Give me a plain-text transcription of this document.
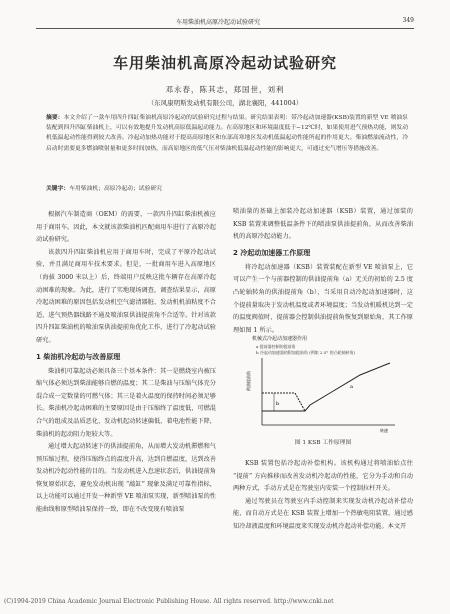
车用柴油机高原冷起动试验研究	349
车用柴油机高原冷起动试验研究
邓永春，陈其志，郑国世，刘利
（东风康明斯发动机有限公司，湖北襄阳，441004）
摘要：本文介绍了一款车用四升四缸柴油机高原冷起动的试验研究过程与结果。研究结果表明：带冷起动加速器(KSB)装置的新型 VE 喷油泵装配到四升四缸柴油机上，可以有效地提升发动机高原低温起动能力。在高原地区和环境温度低于−12℃时，如果使用进气预热功能，则发动机低温起动性能得到较大改善。冷起动加热功能对于提高高原地区和东部高寒地区发动机低温起动性能所起的作用更大。柴油燃油流动性，冷启动时需要更多燃油喷射量和更多时间加热，而高原地区的低气压对柴油机低温起动性能的影响更大，可通过充气增压等措施改善。
关键字：车用柴油机；高原冷起动；试验研究

根据汽车制造商（OEM）的需要，一款四升四缸柴油机被应用于商用车。因此，本文就该款柴油机匹配商用车进行了高原冷起动试验研究。

该款四升四缸柴油机应用于商用车时，完成了平原冷起动试验，并且满足商用车技术要求。但是，一批商用车进入高原地区（海拔 3000 米以上）后，终端用户反映这批车辆存在高原冷起动困难的现象。为此，进行了实地现场调查，调查结果显示，高原冷起动困难的原因包括发动机空气滤清器脏、发动机机油粘度不合适、进气预热器线路不通及喷油泵供油提前角不合适等。针对该款四升四缸柴油机的喷油泵供油提前角优化工作，进行了冷起动试验研究。

1 柴油机冷起动与改善原理

柴油机可靠起动必须具备三个基本条件：其一是燃烧室内被压缩气体必须达到柴油能够自燃的温度；其二是柴油与压缩气体充分混合成一定数量的可燃气体；其三是着火温度的保持时间必须足够长。柴油机冷起动困难的主要原因是由于压缩终了温度低，可燃混合气的组成及品质恶化，发动机起动转速偏低，着电池性能下降，柴油机的起动阻力矩较大等。

通过增大起动转速下的供油提前角，从而增大发动机滞燃和气预压缩过程，使得压缩终点的温度升高，达到自燃温度，达到改善发动机冷起动性能的目的。当发动机进入怠速状态后，供油提前角恢复原始状态，避免发动机出现 “敲缸” 现象及满足可靠性指标，以上功能可以通过开发一种新型 VE 喷油泵实现，新型喷油泵的性能曲线和原型喷油泵保持一致，即在不改变现有喷油泵

喷油量的基础上加装冷起动加速器（KSB）装置，通过加装的 KSB 装置来调整低温条件下的喷油泵供油提前角，从而改善柴油机的高原冷起动能力。

2 冷起动加速器工作原理

将冷起动加速器（KSB）装置装配在新型 VE 喷油泵上，它可以产生一个与前器控制的供油提前角（a）无关的初始的 2.5 度凸轮轴转角的供油提前角（b），当采用自动冷起动加速器时，这个提前量取决于发动机温度或者环境温度；当发动机暖机达到一定的温度阀值时，提前器会控制供油提前角恢复到原始角，其工作原理如图 1 所示。

机械式冷起动加速器作用
a 提前器控制的提前角
b 冷起动加速器的附加提前角 (例如 2.5° 的凸轮轴转角)
b
a
供油提前角
转速
图 1 KSB 工作原理图

KSB 装置包括冷起动补偿机构。该机构通过将喷油始点往 “提前” 方向推移而改善发动机冷起动的性能，它分为手动和自动两种方式，手动方式是在驾驶室内安装一个控制拉杆开关。

通过驾驶员在驾驶室内手动控制来实现发动机冷起动补偿功能，而自动方式是在 KSB 装置上增加一个热敏电阻装置，通过感知冷却液温度和环境温度来实现发动机冷起动补偿功能。本文开

(C)1994-2019 China Academic Journal Electronic Publishing House. All rights reserved. http://www.cnki.net
